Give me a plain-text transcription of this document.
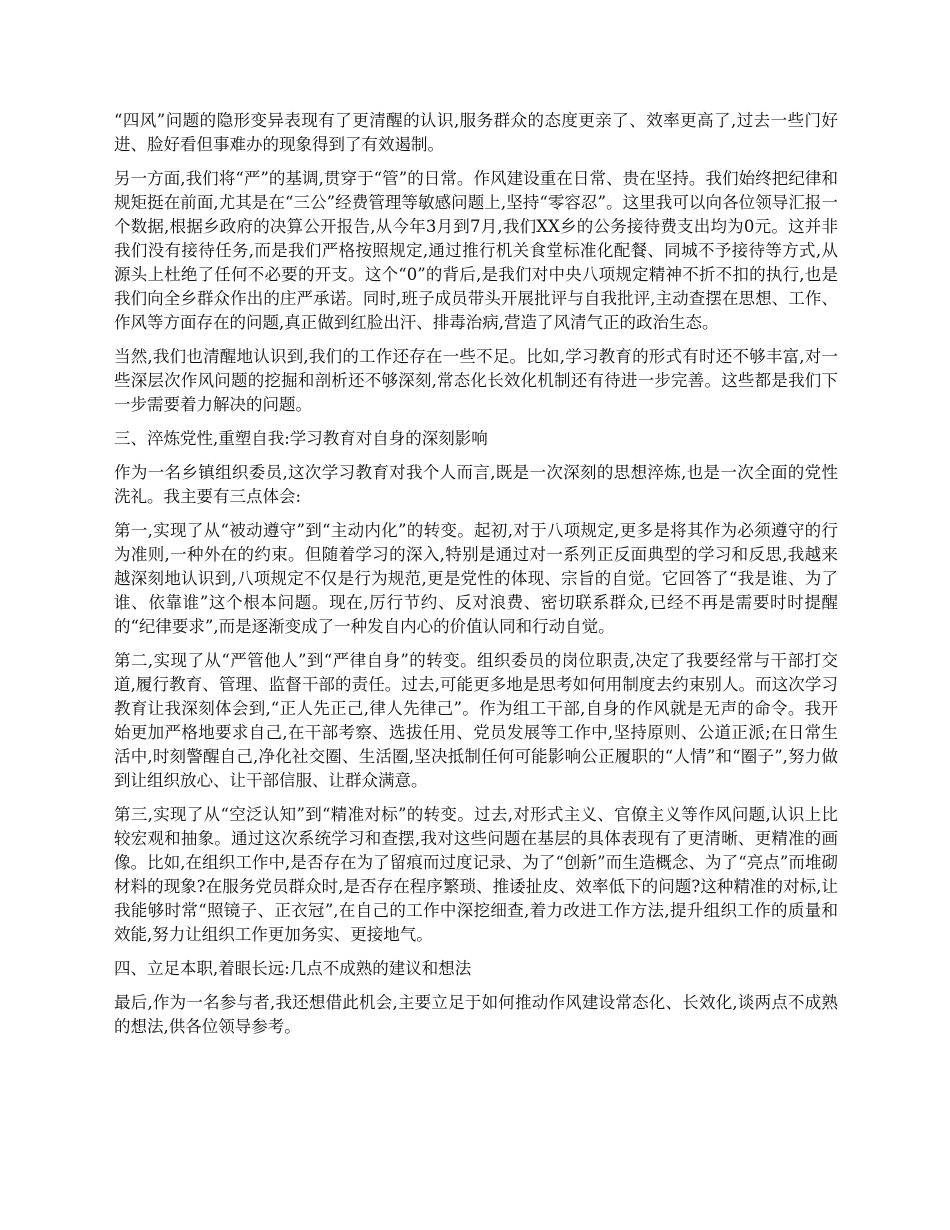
“四风”问题的隐形变异表现有了更清醒的认识,服务群众的态度更亲了、效率更高了,过去一些门好进、脸好看但事难办的现象得到了有效遏制。

另一方面,我们将“严”的基调,贯穿于“管”的日常。作风建设重在日常、贵在坚持。我们始终把纪律和规矩挺在前面,尤其是在“三公”经费管理等敏感问题上,坚持“零容忍”。这里我可以向各位领导汇报一个数据,根据乡政府的决算公开报告,从今年3月到7月,我们XX乡的公务接待费支出均为0元。这并非我们没有接待任务,而是我们严格按照规定,通过推行机关食堂标准化配餐、同城不予接待等方式,从源头上杜绝了任何不必要的开支。这个“0”的背后,是我们对中央八项规定精神不折不扣的执行,也是我们向全乡群众作出的庄严承诺。同时,班子成员带头开展批评与自我批评,主动查摆在思想、工作、作风等方面存在的问题,真正做到红脸出汗、排毒治病,营造了风清气正的政治生态。

当然,我们也清醒地认识到,我们的工作还存在一些不足。比如,学习教育的形式有时还不够丰富,对一些深层次作风问题的挖掘和剖析还不够深刻,常态化长效化机制还有待进一步完善。这些都是我们下一步需要着力解决的问题。

三、淬炼党性,重塑自我:学习教育对自身的深刻影响

作为一名乡镇组织委员,这次学习教育对我个人而言,既是一次深刻的思想淬炼,也是一次全面的党性洗礼。我主要有三点体会:

第一,实现了从“被动遵守”到“主动内化”的转变。起初,对于八项规定,更多是将其作为必须遵守的行为准则,一种外在的约束。但随着学习的深入,特别是通过对一系列正反面典型的学习和反思,我越来越深刻地认识到,八项规定不仅是行为规范,更是党性的体现、宗旨的自觉。它回答了“我是谁、为了谁、依靠谁”这个根本问题。现在,厉行节约、反对浪费、密切联系群众,已经不再是需要时时提醒的“纪律要求”,而是逐渐变成了一种发自内心的价值认同和行动自觉。

第二,实现了从“严管他人”到“严律自身”的转变。组织委员的岗位职责,决定了我要经常与干部打交道,履行教育、管理、监督干部的责任。过去,可能更多地是思考如何用制度去约束别人。而这次学习教育让我深刻体会到,“正人先正己,律人先律己”。作为组工干部,自身的作风就是无声的命令。我开始更加严格地要求自己,在干部考察、选拔任用、党员发展等工作中,坚持原则、公道正派;在日常生活中,时刻警醒自己,净化社交圈、生活圈,坚决抵制任何可能影响公正履职的“人情”和“圈子”,努力做到让组织放心、让干部信服、让群众满意。

第三,实现了从“空泛认知”到“精准对标”的转变。过去,对形式主义、官僚主义等作风问题,认识上比较宏观和抽象。通过这次系统学习和查摆,我对这些问题在基层的具体表现有了更清晰、更精准的画像。比如,在组织工作中,是否存在为了留痕而过度记录、为了“创新”而生造概念、为了“亮点”而堆砌材料的现象?在服务党员群众时,是否存在程序繁琐、推诿扯皮、效率低下的问题?这种精准的对标,让我能够时常“照镜子、正衣冠”,在自己的工作中深挖细查,着力改进工作方法,提升组织工作的质量和效能,努力让组织工作更加务实、更接地气。

四、立足本职,着眼长远:几点不成熟的建议和想法

最后,作为一名参与者,我还想借此机会,主要立足于如何推动作风建设常态化、长效化,谈两点不成熟的想法,供各位领导参考。
